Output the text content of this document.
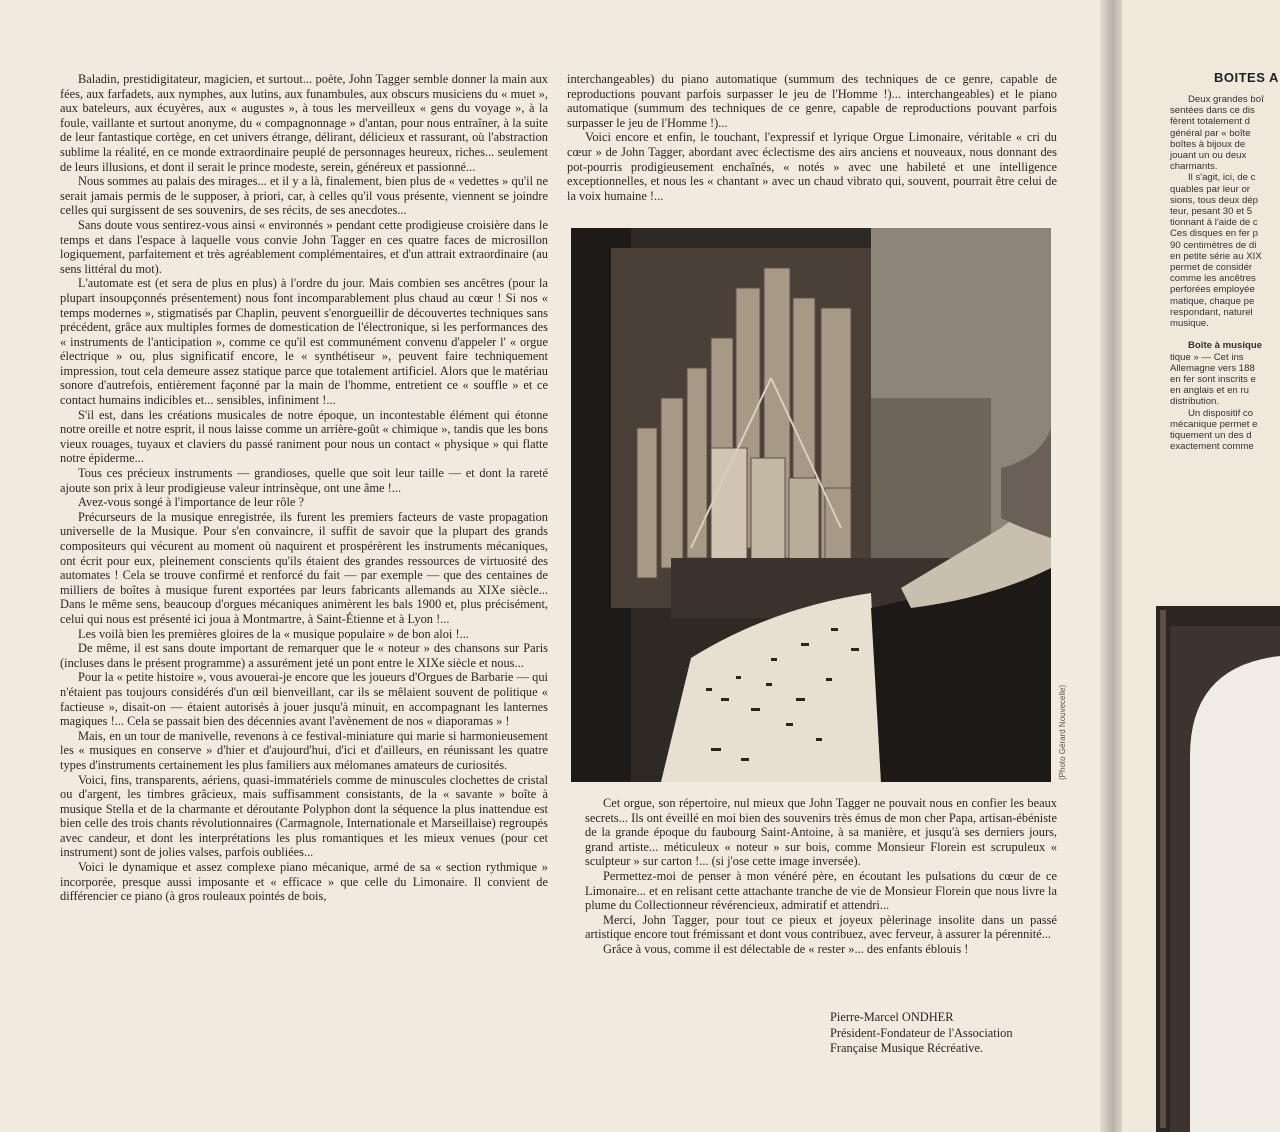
Baladin, prestidigitateur, magicien, et surtout... poète, John Tagger semble donner la main aux fées, aux farfadets, aux nymphes, aux lutins, aux funambules, aux obscurs musiciens du « muet », aux bateleurs, aux écuyères, aux « augustes », à tous les merveilleux « gens du voyage », à la foule, vaillante et surtout anonyme, du « compagnonnage » d'antan, pour nous entraîner, à la suite de leur fantastique cortège, en cet univers étrange, délirant, délicieux et rassurant, où l'abstraction sublime la réalité, en ce monde extraordinaire peuplé de personnages heureux, riches... seulement de leurs illusions, et dont il serait le prince modeste, serein, généreux et passionné...

Nous sommes au palais des mirages... et il y a là, finalement, bien plus de « vedettes » qu'il ne serait jamais permis de le supposer, à priori, car, à celles qu'il vous présente, viennent se joindre celles qui surgissent de ses souvenirs, de ses récits, de ses anecdotes...

Sans doute vous sentirez-vous ainsi « environnés » pendant cette prodigieuse croisière dans le temps et dans l'espace à laquelle vous convie John Tagger en ces quatre faces de microsillon logiquement, parfaitement et très agréablement complémentaires, et d'un attrait extraordinaire (au sens littéral du mot).

L'automate est (et sera de plus en plus) à l'ordre du jour. Mais combien ses ancêtres (pour la plupart insoupçonnés présentement) nous font incomparablement plus chaud au cœur ! Si nos « temps modernes », stigmatisés par Chaplin, peuvent s'enorgueillir de découvertes techniques sans précédent, grâce aux multiples formes de domestication de l'électronique, si les performances des « instruments de l'anticipation », comme ce qu'il est communément convenu d'appeler l' « orgue électrique » ou, plus significatif encore, le « synthétiseur », peuvent faire techniquement impression, tout cela demeure assez statique parce que totalement artificiel. Alors que le matériau sonore d'autrefois, entièrement façonné par la main de l'homme, entretient ce « souffle » et ce contact humains indicibles et... sensibles, infiniment !...

S'il est, dans les créations musicales de notre époque, un incontestable élément qui étonne notre oreille et notre esprit, il nous laisse comme un arrière-goût « chimique », tandis que les bons vieux rouages, tuyaux et claviers du passé raniment pour nous un contact « physique » qui flatte notre épiderme...

Tous ces précieux instruments — grandioses, quelle que soit leur taille — et dont la rareté ajoute son prix à leur prodigieuse valeur intrinsèque, ont une âme !...

Avez-vous songé à l'importance de leur rôle ?

Précurseurs de la musique enregistrée, ils furent les premiers facteurs de vaste propagation universelle de la Musique. Pour s'en convaincre, il suffit de savoir que la plupart des grands compositeurs qui vécurent au moment où naquirent et prospérèrent les instruments mécaniques, ont écrit pour eux, pleinement conscients qu'ils étaient des grandes ressources de virtuosité des automates ! Cela se trouve confirmé et renforcé du fait — par exemple — que des centaines de milliers de boîtes à musique furent exportées par leurs fabricants allemands au XIXe siècle... Dans le même sens, beaucoup d'orgues mécaniques animèrent les bals 1900 et, plus précisément, celui qui nous est présenté ici joua à Montmartre, à Saint-Étienne et à Lyon !...

Les voilà bien les premières gloires de la « musique populaire » de bon aloi !...

De même, il est sans doute important de remarquer que le « noteur » des chansons sur Paris (incluses dans le présent programme) a assurément jeté un pont entre le XIXe siècle et nous...

Pour la « petite histoire », vous avouerai-je encore que les joueurs d'Orgues de Barbarie — qui n'étaient pas toujours considérés d'un œil bienveillant, car ils se mêlaient souvent de politique « factieuse », disait-on — étaient autorisés à jouer jusqu'à minuit, en accompagnant les lanternes magiques !... Cela se passait bien des décennies avant l'avènement de nos « diaporamas » !

Mais, en un tour de manivelle, revenons à ce festival-miniature qui marie si harmonieusement les « musiques en conserve » d'hier et d'aujourd'hui, d'ici et d'ailleurs, en réunissant les quatre types d'instruments certainement les plus familiers aux mélomanes amateurs de curiosités.

Voici, fins, transparents, aériens, quasi-immatériels comme de minuscules clochettes de cristal ou d'argent, les timbres grâcieux, mais suffisamment consistants, de la « savante » boîte à musique Stella et de la charmante et déroutante Polyphon dont la séquence la plus inattendue est bien celle des trois chants révolutionnaires (Carmagnole, Internationale et Marseillaise) regroupés avec candeur, et dont les interprétations les plus romantiques et les mieux venues (pour cet instrument) sont de jolies valses, parfois oubliées...

Voici le dynamique et assez complexe piano mécanique, armé de sa « section rythmique » incorporée, presque aussi imposante et « efficace » que celle du Limonaire. Il convient de différencier ce piano (à gros rouleaux pointés de bois,

interchangeables) du piano automatique (summum des techniques de ce genre, capable de reproductions pouvant parfois surpasser le jeu de l'Homme !)... interchangeables) et le piano automatique (summum des techniques de ce genre, capable de reproductions pouvant parfois surpasser le jeu de l'Homme !)...

Voici encore et enfin, le touchant, l'expressif et lyrique Orgue Limonaire, véritable « cri du cœur » de John Tagger, abordant avec éclectisme des airs anciens et nouveaux, nous donnant des pot-pourris prodigieusement enchaînés, « notés » avec une habileté et une intelligence exceptionnelles, et nous les « chantant » avec un chaud vibrato qui, souvent, pourrait être celui de la voix humaine !...

(Photo Gérard Nouvecelle)

Cet orgue, son répertoire, nul mieux que John Tagger ne pouvait nous en confier les beaux secrets... Ils ont éveillé en moi bien des souvenirs très émus de mon cher Papa, artisan-ébéniste de la grande époque du faubourg Saint-Antoine, à sa manière, et jusqu'à ses derniers jours, grand artiste... méticuleux « noteur » sur bois, comme Monsieur Florein est scrupuleux « sculpteur » sur carton !... (si j'ose cette image inversée).

Permettez-moi de penser à mon vénéré père, en écoutant les pulsations du cœur de ce Limonaire... et en relisant cette attachante tranche de vie de Monsieur Florein que nous livre la plume du Collectionneur révérencieux, admiratif et attendri...

Merci, John Tagger, pour tout ce pieux et joyeux pèlerinage insolite dans un passé artistique encore tout frémissant et dont vous contribuez, avec ferveur, à assurer la pérennité...

Grâce à vous, comme il est délectable de « rester »... des enfants éblouis !

Pierre-Marcel ONDHER
Président-Fondateur de l'Association
Française Musique Récréative.
BOITES A
Deux grandes boî
sentées dans ce dis
fèrent totalement d
général par « boîte
boîtes à bijoux de
jouant un ou deux
charmants.
Il s'agit, ici, de c
quables par leur or
sions, tous deux dép
teur, pesant 30 et 5
tionnant à l'aide de c
Ces disques en fer p
90 centimètres de di
en petite série au XIX
permet de considér
comme les ancêtres
perforées employée
matique, chaque pe
respondant, naturel
musique.

Boîte à musique
tique » — Cet ins
Allemagne vers 188
en fer sont inscrits e
en anglais et en ru
distribution.
Un dispositif co
mécanique permet e
tiquement un des d
exactement comme
